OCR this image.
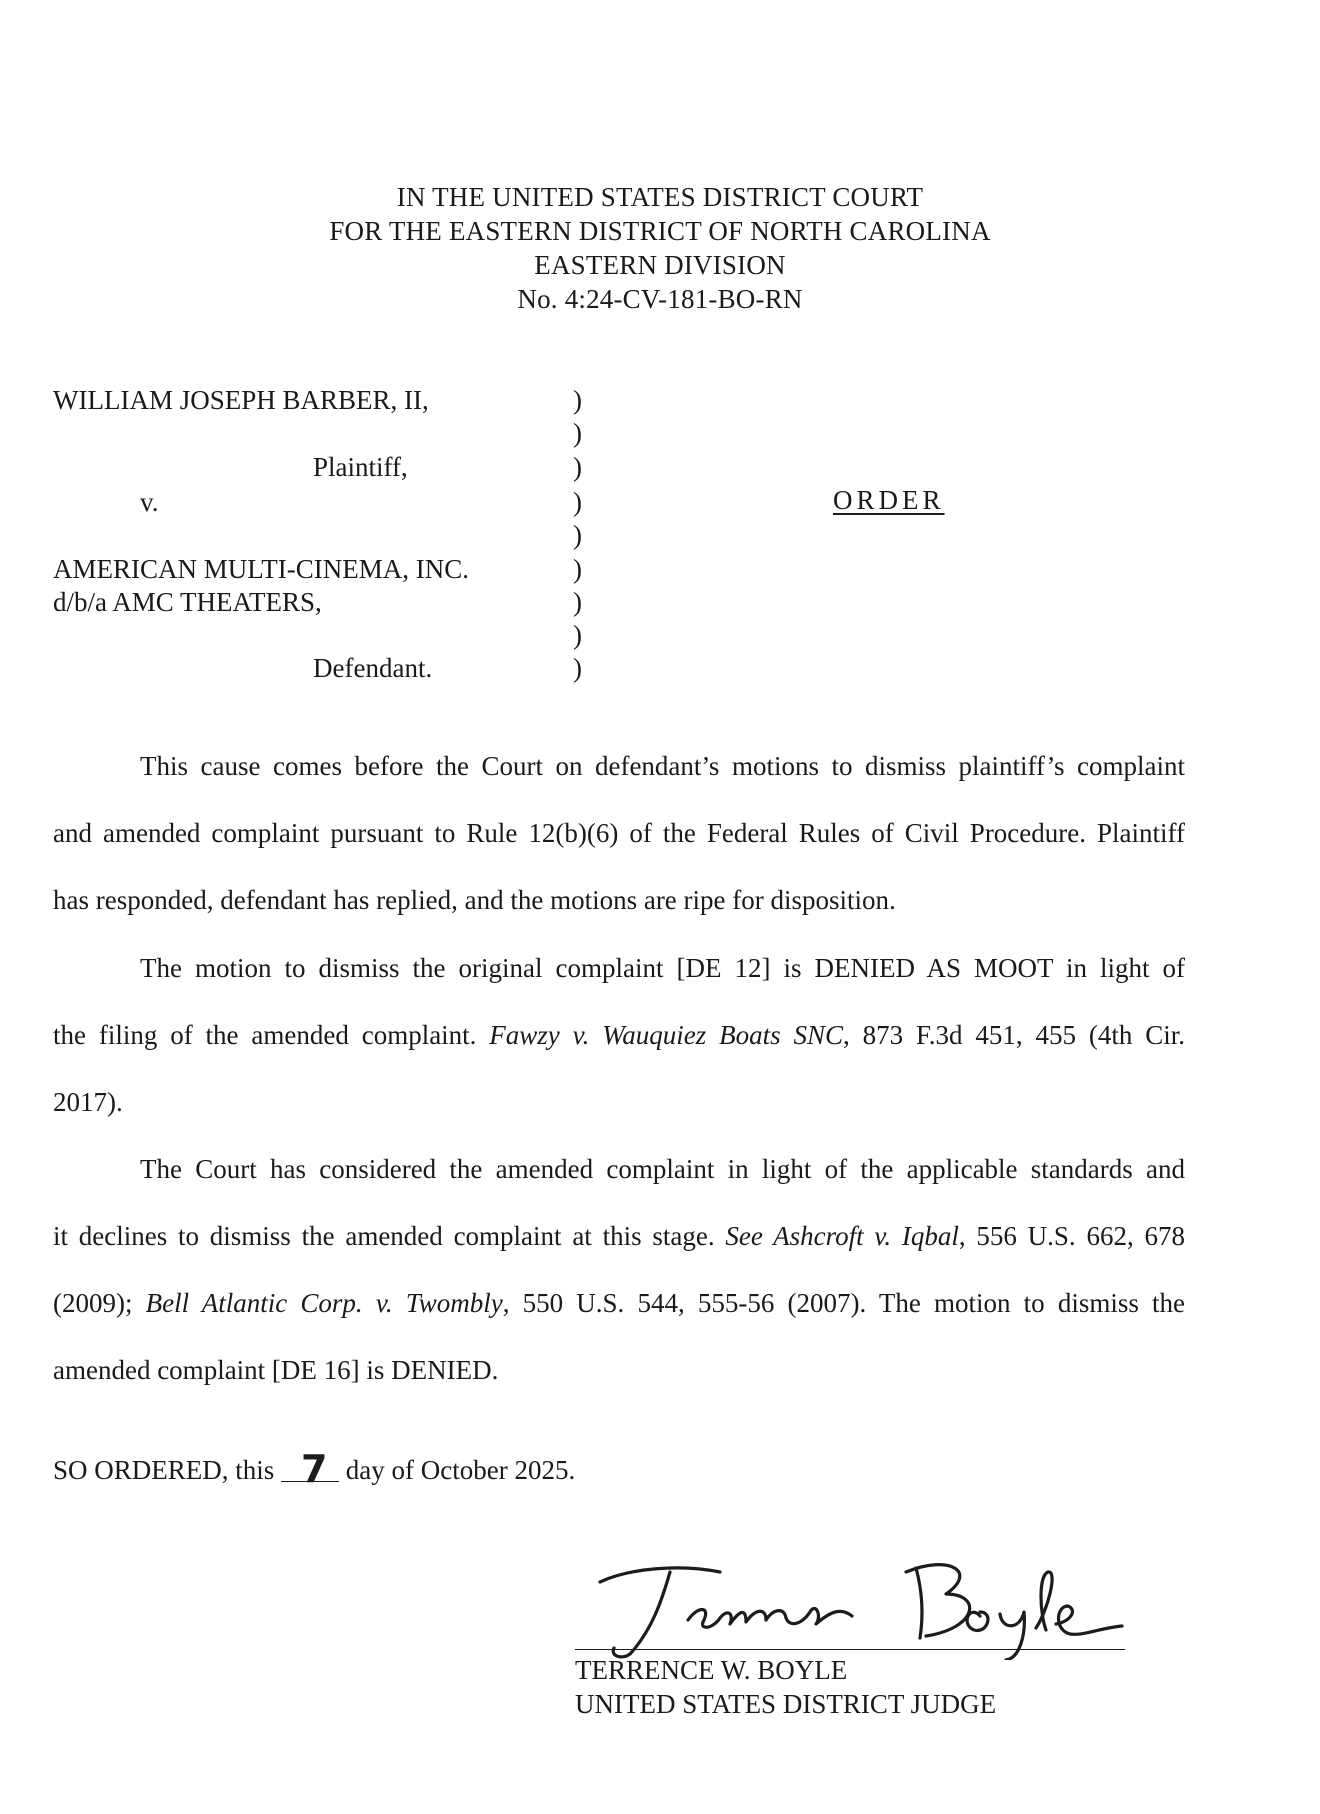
IN THE UNITED STATES DISTRICT COURT
FOR THE EASTERN DISTRICT OF NORTH CAROLINA
EASTERN DIVISION
No. 4:24-CV-181-BO-RN
WILLIAM JOSEPH BARBER, II,
Plaintiff,
v.
AMERICAN MULTI-CINEMA, INC.
d/b/a AMC THEATERS,
Defendant.
)
)
)
)
)
)
)
)
)
ORDER
This cause comes before the Court on defendant’s motions to dismiss plaintiff’s complaint
and amended complaint pursuant to Rule 12(b)(6) of the Federal Rules of Civil Procedure. Plaintiff
has responded, defendant has replied, and the motions are ripe for disposition.
The motion to dismiss the original complaint [DE 12] is DENIED AS MOOT in light of
the filing of the amended complaint. Fawzy v. Wauquiez Boats SNC, 873 F.3d 451, 455 (4th Cir.
2017).
The Court has considered the amended complaint in light of the applicable standards and
it declines to dismiss the amended complaint at this stage. See Ashcroft v. Iqbal, 556 U.S. 662, 678
(2009); Bell Atlantic Corp. v. Twombly, 550 U.S. 544, 555-56 (2007). The motion to dismiss the
amended complaint [DE 16] is DENIED.
SO ORDERED, this 7 day of October 2025.
TERRENCE W. BOYLE
UNITED STATES DISTRICT JUDGE
